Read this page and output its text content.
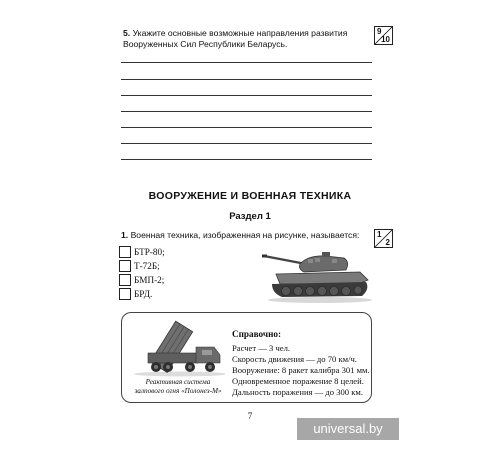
5. Укажите основные возможные направления развития Вооруженных Сил Республики Беларусь.
9
10
ВООРУЖЕНИЕ И ВОЕННАЯ ТЕХНИКА
Раздел 1
1. Военная техника, изображенная на рисунке, называется: 1
2
БТР-80;
Т-72Б;
БМП-2;
БРД.
Реактивная система
залпового огня «Полонез-М»
Справочно:
Расчет — 3 чел.
Скорость движения — до 70 км/ч.
Вооружение: 8 ракет калибра 301 мм.
Одновременное поражение 8 целей.
Дальность поражения — до 300 км.
7
universal.by
